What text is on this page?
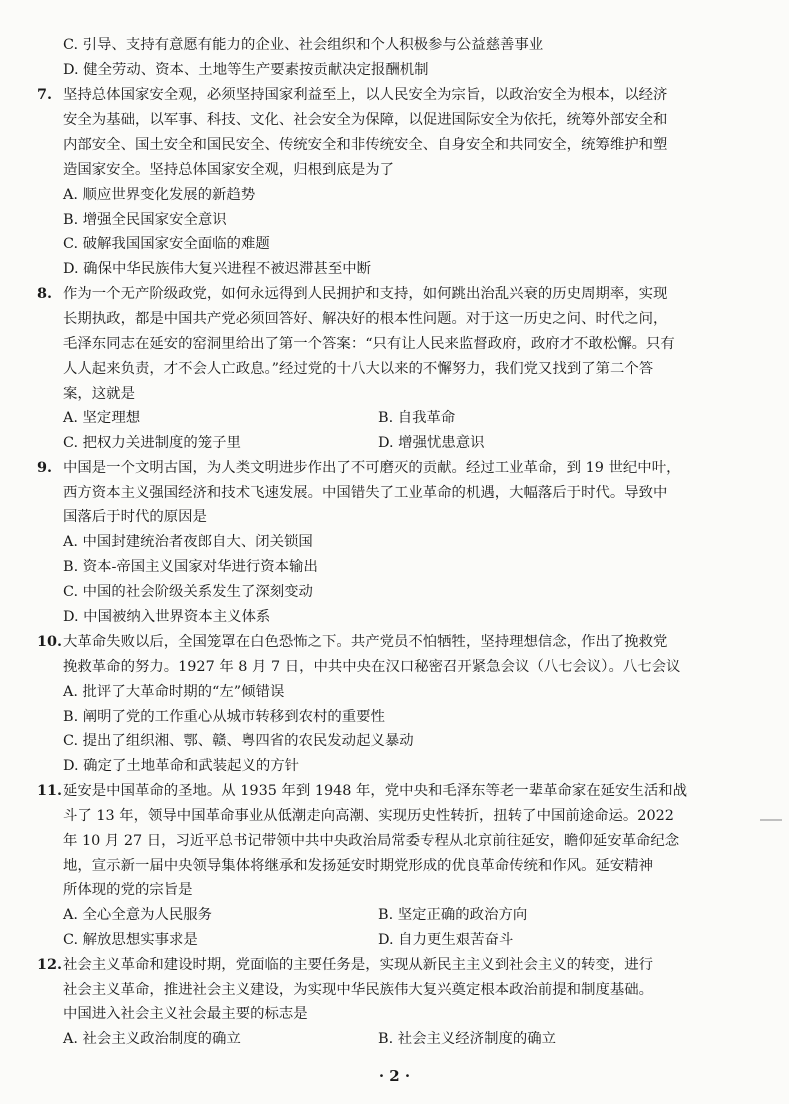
C. 引导、支持有意愿有能力的企业、社会组织和个人积极参与公益慈善事业
D. 健全劳动、资本、土地等生产要素按贡献决定报酬机制
7. 坚持总体国家安全观，必须坚持国家利益至上，以人民安全为宗旨，以政治安全为根本，以经济
安全为基础，以军事、科技、文化、社会安全为保障，以促进国际安全为依托，统筹外部安全和
内部安全、国土安全和国民安全、传统安全和非传统安全、自身安全和共同安全，统筹维护和塑
造国家安全。坚持总体国家安全观，归根到底是为了
A. 顺应世界变化发展的新趋势
B. 增强全民国家安全意识
C. 破解我国国家安全面临的难题
D. 确保中华民族伟大复兴进程不被迟滞甚至中断
8. 作为一个无产阶级政党，如何永远得到人民拥护和支持，如何跳出治乱兴衰的历史周期率，实现
长期执政，都是中国共产党必须回答好、解决好的根本性问题。对于这一历史之问、时代之问，
毛泽东同志在延安的窑洞里给出了第一个答案：“只有让人民来监督政府，政府才不敢松懈。只有
人人起来负责，才不会人亡政息。”经过党的十八大以来的不懈努力，我们党又找到了第二个答
案，这就是
A. 坚定理想	B. 自我革命
C. 把权力关进制度的笼子里	D. 增强忧患意识
9. 中国是一个文明古国，为人类文明进步作出了不可磨灭的贡献。经过工业革命，到 19 世纪中叶，
西方资本主义强国经济和技术飞速发展。中国错失了工业革命的机遇，大幅落后于时代。导致中
国落后于时代的原因是
A. 中国封建统治者夜郎自大、闭关锁国
B. 资本-帝国主义国家对华进行资本输出
C. 中国的社会阶级关系发生了深刻变动
D. 中国被纳入世界资本主义体系
10.大革命失败以后，全国笼罩在白色恐怖之下。共产党员不怕牺牲，坚持理想信念，作出了挽救党
挽救革命的努力。1927 年 8 月 7 日，中共中央在汉口秘密召开紧急会议（八七会议）。八七会议
A. 批评了大革命时期的“左”倾错误
B. 阐明了党的工作重心从城市转移到农村的重要性
C. 提出了组织湘、鄂、赣、粤四省的农民发动起义暴动
D. 确定了土地革命和武装起义的方针
11.延安是中国革命的圣地。从 1935 年到 1948 年，党中央和毛泽东等老一辈革命家在延安生活和战
斗了 13 年，领导中国革命事业从低潮走向高潮、实现历史性转折，扭转了中国前途命运。2022
年 10 月 27 日，习近平总书记带领中共中央政治局常委专程从北京前往延安，瞻仰延安革命纪念
地，宣示新一届中央领导集体将继承和发扬延安时期党形成的优良革命传统和作风。延安精神
所体现的党的宗旨是
A. 全心全意为人民服务	B. 坚定正确的政治方向
C. 解放思想实事求是	D. 自力更生艰苦奋斗
12.社会主义革命和建设时期，党面临的主要任务是，实现从新民主主义到社会主义的转变，进行
社会主义革命，推进社会主义建设，为实现中华民族伟大复兴奠定根本政治前提和制度基础。
中国进入社会主义社会最主要的标志是
A. 社会主义政治制度的确立	B. 社会主义经济制度的确立
· 2 ·
